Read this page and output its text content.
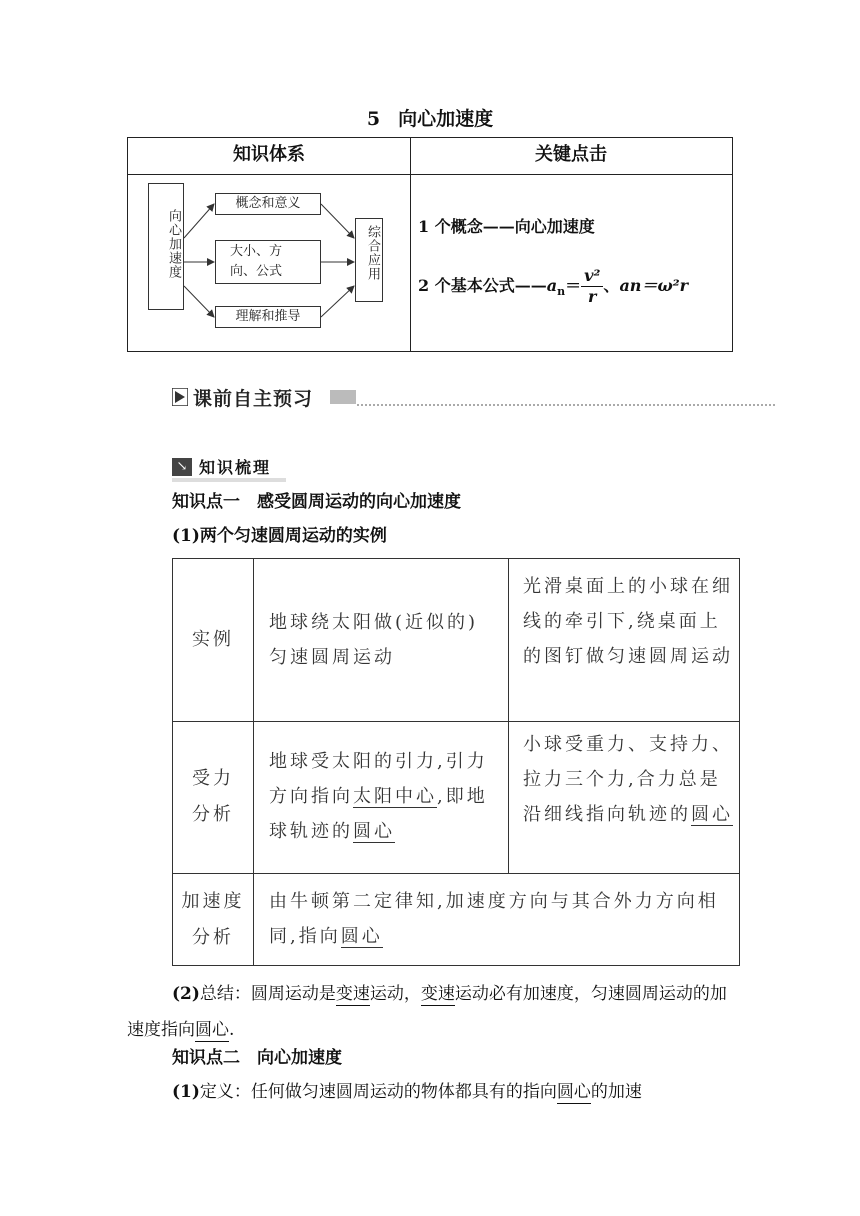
5 向心加速度
知识体系	关键点击
向心加速度
概念和意义
大小、方向、公式
理解和推导
综合应用 1 个概念——向心加速度
2 个基本公式$——a_n= \frac{\text{v²}}{r}$ 、an＝ω²r
课前自主预习
↘ 知识梳理
知识点一　感受圆周运动的向心加速度
(1)两个匀速圆周运动的实例
实例
地球绕太阳做(近似的)匀速圆周运动
光滑桌面上的小球在细线的牵引下,绕桌面上的图钉做匀速圆周运动
受力分析
地球受太阳的引力,引力方向指向太阳中心,即地球轨迹的圆心
小球受重力、支持力、拉力三个力,合力总是沿细线指向轨迹的圆心
加速度分析
由牛顿第二定律知,加速度方向与其合外力方向相同,指向圆心
(2)总结：圆周运动是变速运动，变速运动必有加速度，匀速圆周运动的加速度指向圆心.
知识点二　向心加速度
(1)定义：任何做匀速圆周运动的物体都具有的指向圆心的加速
